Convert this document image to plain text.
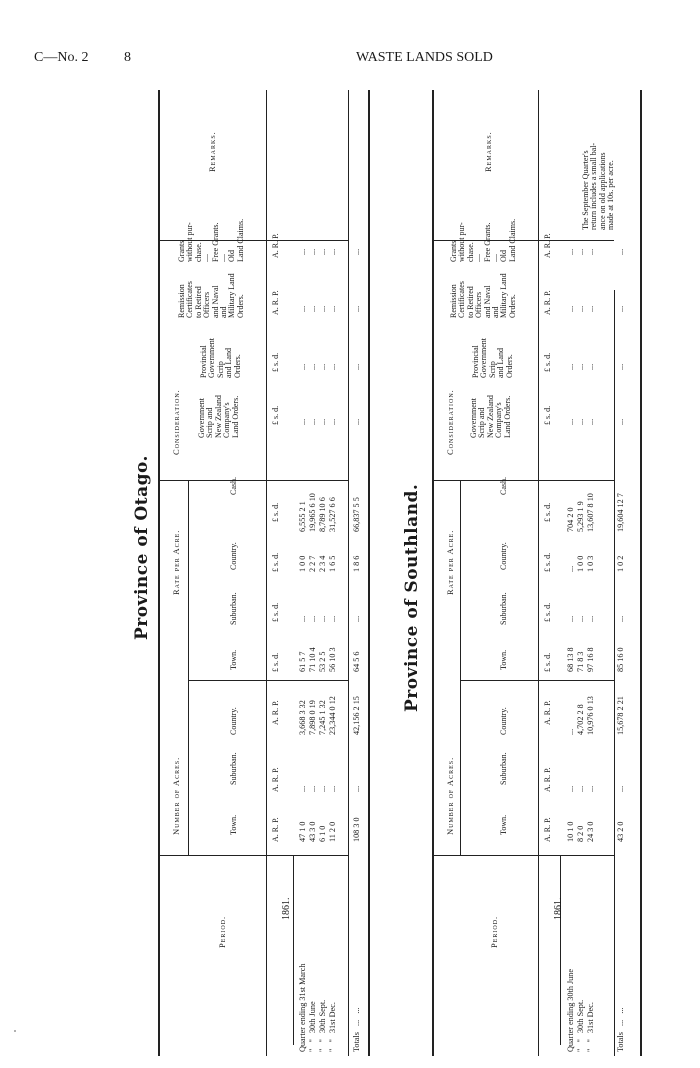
C—No. 2	8	WASTE LANDS SOLD
Province of Otago.
Period.
Number of Acres.
Rate per Acre.
Consideration.
Remarks.
Town.
Suburban.
Country.
Town.
Suburban.
Country.
Cash.
Government Scrip and New Zealand Company's Land Orders.
Provincial Government Scrip and Land Orders.
Remission Certificates to Retired Officers and Naval and Military Land Orders.
Grants without pur- chase. — Free Grants. — Old Land Claims.
A. R. P.
A. R. P.
A. R. P.
£ s. d.
£ s. d.
£ s. d.
£ s. d.
£ s. d.
£ s. d.
A. R. P.
A. R. P.
1861.
Quarter ending 31st March
47 1 0
...
3,668 3 32
61 5 7
...
1 0 0
6,555 2 1
...
...
...
...
"   "   30th June
43 3 0
...
7,898 0 19
71 10 4
...
2 2 7
19,965 6 10
...
...
...
...
"   "   30th Sept.
6 1 0
...
7,245 1 32
53 2 5
...
2 3 4
8,789 10 6
...
...
...
...
"   "   31st Dec.
11 2 0
...
23,344 0 12
56 10 3
...
1 6 5
31,527 6 6
...
...
...
...
Totals   ...   ...
108 3 0
...
42,156 2 15
64 5 6
...
1 8 6
66,837 5 5
...
...
...
...
Province of Southland.
Period.
Number of Acres.
Rate per Acre.
Consideration.
Remarks.
Town.
Suburban.
Country.
Town.
Suburban.
Country.
Cash.
Government Scrip and New Zealand Company's Land Orders.
Provincial Government Scrip and Land Orders.
Remission Certificates to Retired Officers and Naval and Military Land Orders.
Grants without pur- chase. — Free Grants. — Old Land Claims.
A. R. P.
A. R. P.
A. R. P.
£ s. d.
£ s. d.
£ s. d.
£ s. d.
£ s. d.
£ s. d.
A. R. P.
A. R. P.
1861.
Quarter ending 30th June
10 1 0
...
...
68 13 8
...
...
704 2 0
...
...
...
...
"   "   30th Sept.
8 2 0
...
4,702 2 8
71 8 3
...
1 0 0
5,293 1 9
...
...
...
...
"   "   31st Dec.
24 3 0
...
10,976 0 13
97 16 8
...
1 0 3
13,607 8 10
...
...
...
...
Totals   ...   ...
43 2 0
...
15,678 2 21
85 16 0
...
1 0 2
19,604 12 7
...
...
...
...
The September Quarter's return includes a small bal- ance on old applications made at 10s. per acre.
